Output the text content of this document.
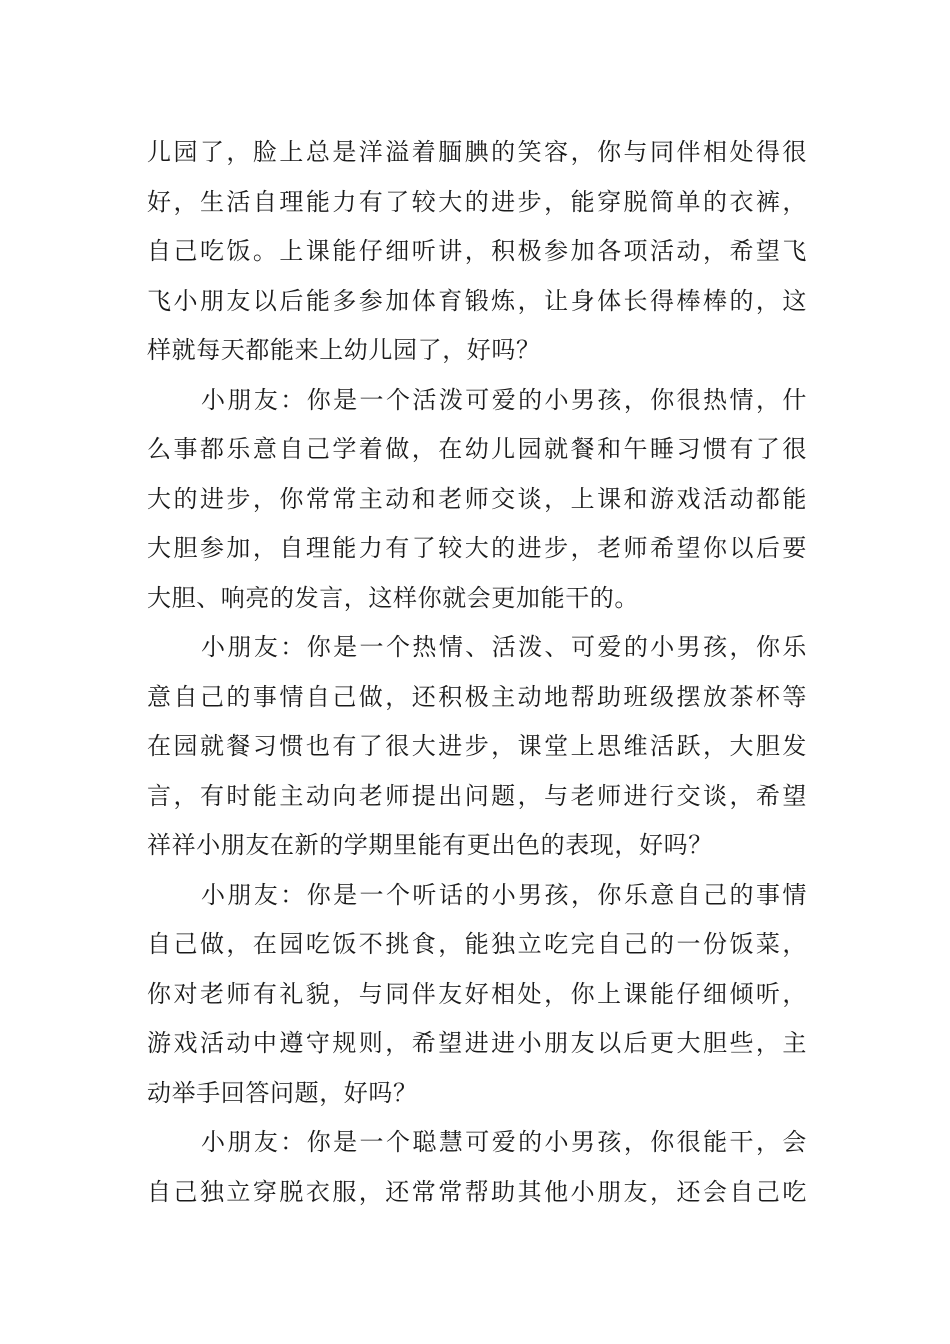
儿园了，脸上总是洋溢着腼腆的笑容，你与同伴相处得很
好，生活自理能力有了较大的进步，能穿脱简单的衣裤，
自己吃饭。上课能仔细听讲，积极参加各项活动，希望飞
飞小朋友以后能多参加体育锻炼，让身体长得棒棒的，这
样就每天都能来上幼儿园了，好吗？
小朋友：你是一个活泼可爱的小男孩，你很热情，什
么事都乐意自己学着做，在幼儿园就餐和午睡习惯有了很
大的进步，你常常主动和老师交谈，上课和游戏活动都能
大胆参加，自理能力有了较大的进步，老师希望你以后要
大胆、响亮的发言，这样你就会更加能干的。
小朋友：你是一个热情、活泼、可爱的小男孩，你乐
意自己的事情自己做，还积极主动地帮助班级摆放茶杯等
在园就餐习惯也有了很大进步，课堂上思维活跃，大胆发
言，有时能主动向老师提出问题，与老师进行交谈，希望
祥祥小朋友在新的学期里能有更出色的表现，好吗？
小朋友：你是一个听话的小男孩，你乐意自己的事情
自己做，在园吃饭不挑食，能独立吃完自己的一份饭菜，
你对老师有礼貌，与同伴友好相处，你上课能仔细倾听，
游戏活动中遵守规则，希望进进小朋友以后更大胆些，主
动举手回答问题，好吗？
小朋友：你是一个聪慧可爱的小男孩，你很能干，会
自己独立穿脱衣服，还常常帮助其他小朋友，还会自己吃
